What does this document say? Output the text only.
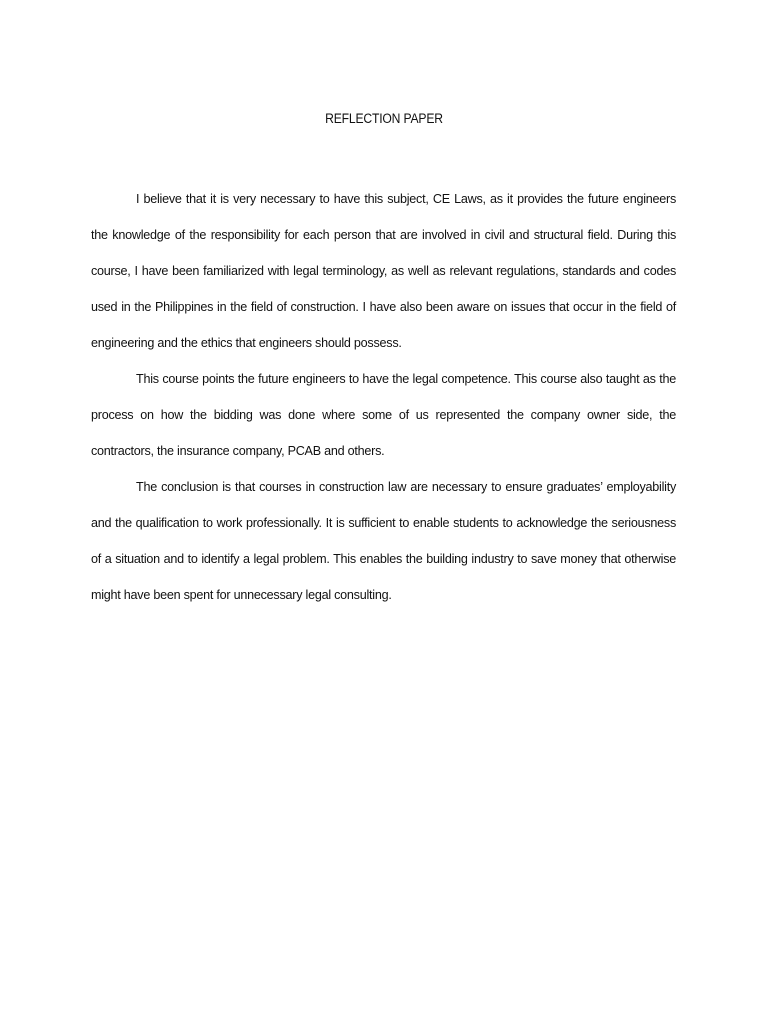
REFLECTION PAPER

I believe that it is very necessary to have this subject, CE Laws, as it provides the future engineers the knowledge of the responsibility for each person that are involved in civil and structural field. During this course, I have been familiarized with legal terminology, as well as relevant regulations, standards and codes used in the Philippines in the field of construction. I have also been aware on issues that occur in the field of engineering and the ethics that engineers should possess.

This course points the future engineers to have the legal competence. This course also taught as the process on how the bidding was done where some of us represented the company owner side, the contractors, the insurance company, PCAB and others.

The conclusion is that courses in construction law are necessary to ensure graduates’ employability and the qualification to work professionally. It is sufficient to enable students to acknowledge the seriousness of a situation and to identify a legal problem. This enables the building industry to save money that otherwise might have been spent for unnecessary legal consulting.
